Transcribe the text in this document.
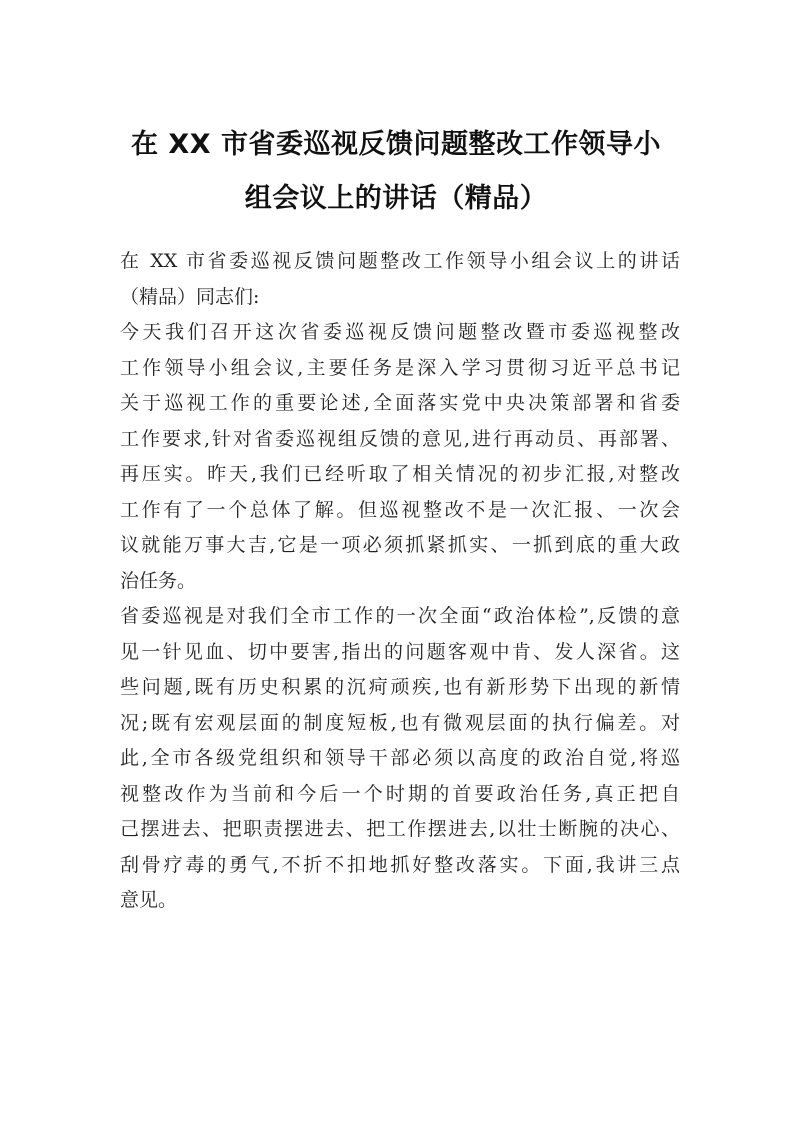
在 XX 市省委巡视反馈问题整改工作领导小
组会议上的讲话（精品）
在 XX 市省委巡视反馈问题整改工作领导小组会议上的讲话
（精品）同志们:
今天我们召开这次省委巡视反馈问题整改暨市委巡视整改
工作领导小组会议,主要任务是深入学习贯彻习近平总书记
关于巡视工作的重要论述,全面落实党中央决策部署和省委
工作要求,针对省委巡视组反馈的意见,进行再动员、再部署、
再压实。昨天,我们已经听取了相关情况的初步汇报,对整改
工作有了一个总体了解。但巡视整改不是一次汇报、一次会
议就能万事大吉,它是一项必须抓紧抓实、一抓到底的重大政
治任务。
省委巡视是对我们全市工作的一次全面“政治体检”,反馈的意
见一针见血、切中要害,指出的问题客观中肯、发人深省。这
些问题,既有历史积累的沉疴顽疾,也有新形势下出现的新情
况;既有宏观层面的制度短板,也有微观层面的执行偏差。对
此,全市各级党组织和领导干部必须以高度的政治自觉,将巡
视整改作为当前和今后一个时期的首要政治任务,真正把自
己摆进去、把职责摆进去、把工作摆进去,以壮士断腕的决心、
刮骨疗毒的勇气,不折不扣地抓好整改落实。下面,我讲三点
意见。
